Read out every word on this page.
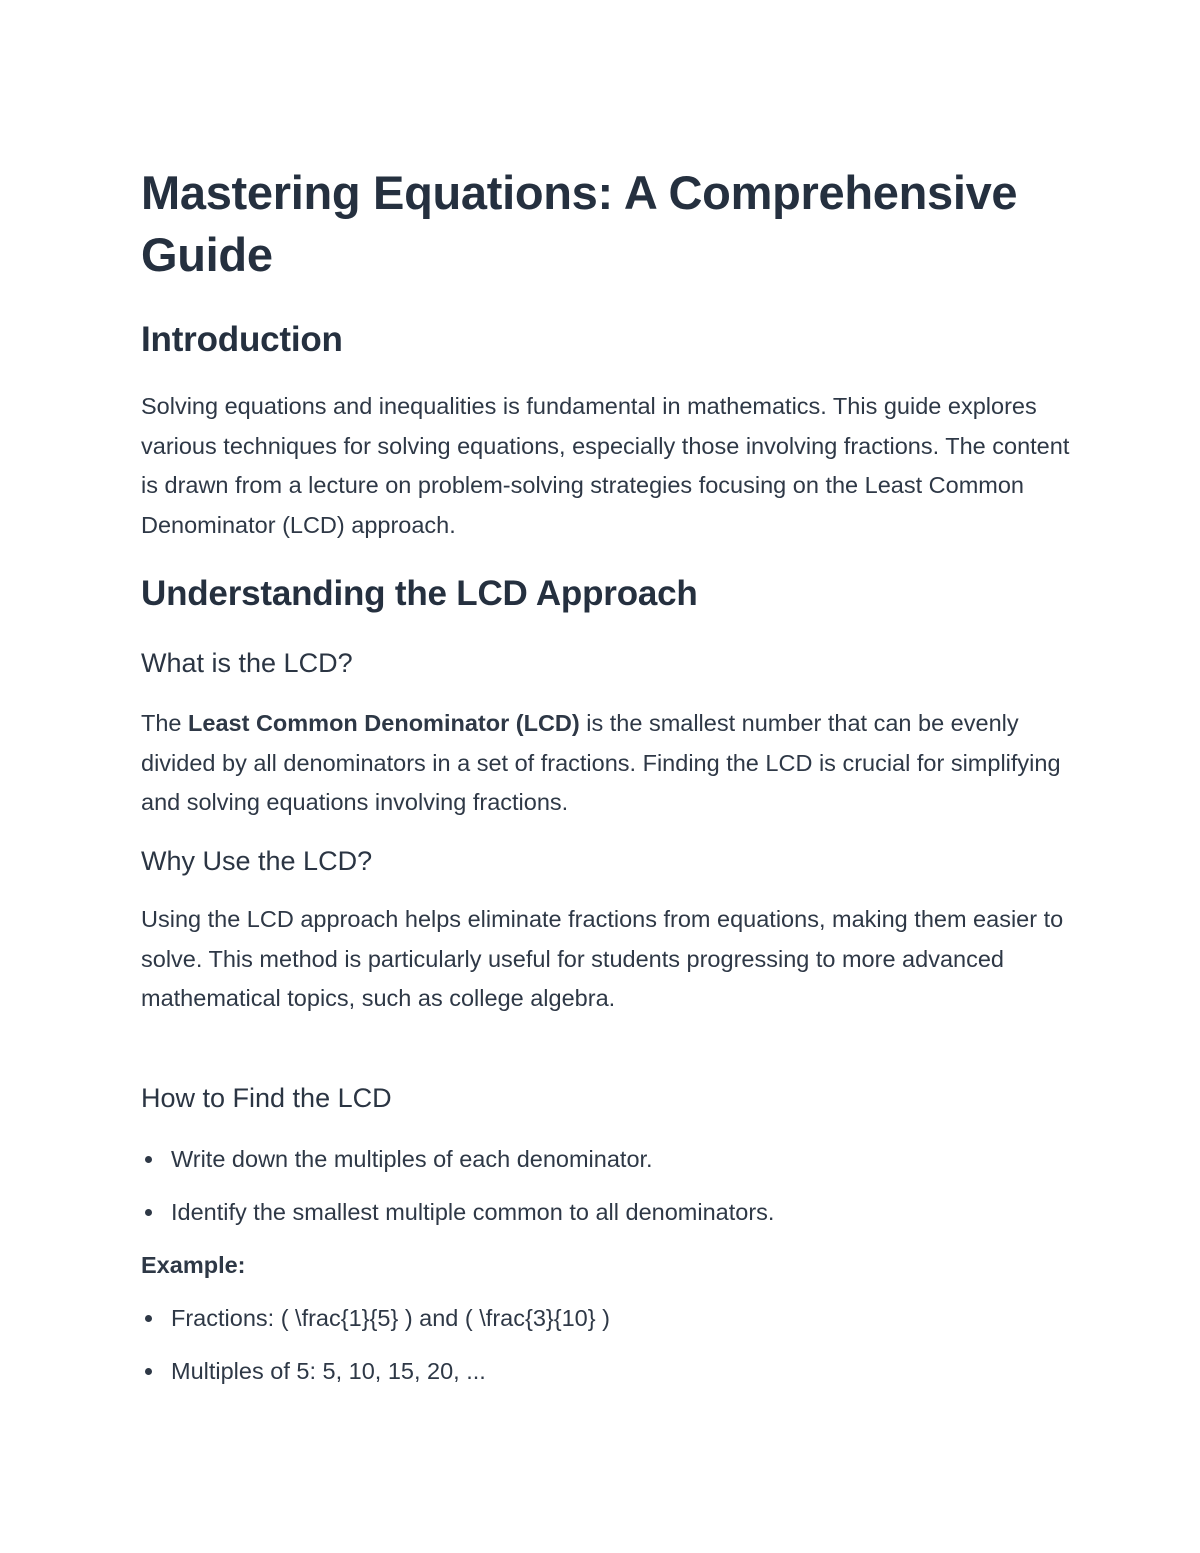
Mastering Equations: A Comprehensive Guide
Introduction

Solving equations and inequalities is fundamental in mathematics. This guide explores various techniques for solving equations, especially those involving fractions. The content is drawn from a lecture on problem-solving strategies focusing on the Least Common Denominator (LCD) approach.

Understanding the LCD Approach
What is the LCD?

The Least Common Denominator (LCD) is the smallest number that can be evenly divided by all denominators in a set of fractions. Finding the LCD is crucial for simplifying and solving equations involving fractions.

Why Use the LCD?

Using the LCD approach helps eliminate fractions from equations, making them easier to solve. This method is particularly useful for students progressing to more advanced mathematical topics, such as college algebra.

How to Find the LCD
Write down the multiples of each denominator.
Identify the smallest multiple common to all denominators.
Example:
Fractions: ( \frac{1}{5} ) and ( \frac{3}{10} )
Multiples of 5: 5, 10, 15, 20, ...
